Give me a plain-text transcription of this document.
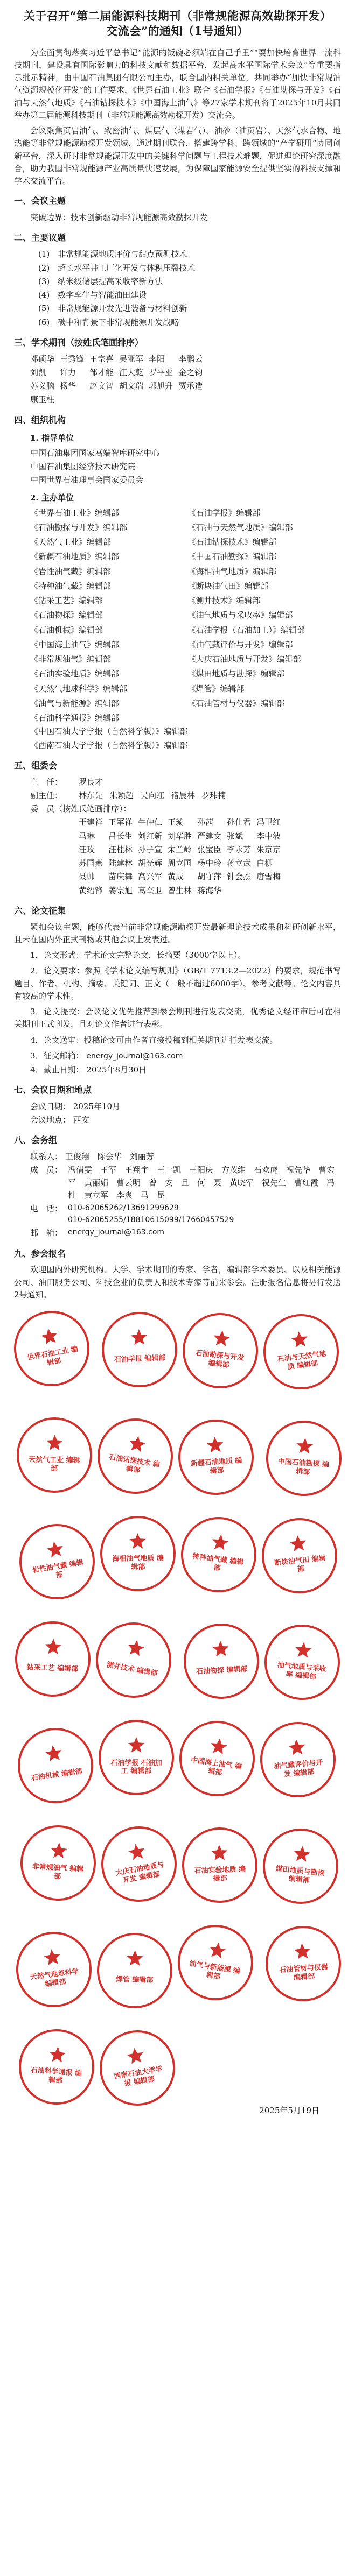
关于召开“第二届能源科技期刊（非常规能源高效勘探开发）交流会”的通知（1号通知）

为全面贯彻落实习近平总书记“能源的饭碗必须端在自己手里”“要加快培育世界一流科技期刊，建设具有国际影响力的科技文献和数据平台，发起高水平国际学术会议”等重要指示批示精神，由中国石油集团有限公司主办，联合国内相关单位，共同举办“加快非常规油气资源规模化开发”的工作要求，《世界石油工业》联合《石油学报》《石油勘探与开发》《石油与天然气地质》《石油钻探技术》《中国海上油气》等27家学术期刊将于2025年10月共同举办第二届能源科技期刊（非常规能源高效勘探开发）交流会。

会议聚焦页岩油气、致密油气、煤层气（煤岩气）、油砂（油页岩）、天然气水合物、地热能等非常规能源勘探开发领域，通过期刊联合，搭建跨学科、跨领域的“产学研用”协同创新平台，深入研讨非常规能源开发中的关键科学问题与工程技术难题，促进理论研究深度融合，助力我国非常规能源产业高质量快速发展，为保障国家能源安全提供坚实的科技支撑和学术交流平台。

一、会议主题
突破边界：技术创新驱动非常规能源高效勘探开发
二、主要议题
(1)　非常规能源地质评价与甜点预测技术
(2)　超长水平井工厂化开发与体积压裂技术
(3)　纳米级储层提高采收率新方法
(4)　数字孪生与智能油田建设
(5)　非常规能源开发先进装备与材料创新
(6)　碳中和背景下非常规能源开发战略
三、学术期刊（按姓氏笔画排序）
邓硕华 王秀锋 王宗喜 吴亚军 李阳	李鹏云
刘凯	许力	邹才能 汪大乾 罗平亚 金之钧
苏义脑 杨华	赵文智 胡文瑞 郭旭升 贾承造
康玉柱
四、组织机构
1. 指导单位
中国石油集团国家高端智库研究中心
中国石油集团经济技术研究院
中国世界石油理事会国家委员会
2. 主办单位
《世界石油工业》编辑部	《石油学报》编辑部
《石油勘探与开发》编辑部	《石油与天然气地质》编辑部
《天然气工业》编辑部	《石油钻探技术》编辑部
《新疆石油地质》编辑部	《中国石油勘探》编辑部
《岩性油气藏》编辑部	《海相油气地质》编辑部
《特种油气藏》编辑部	《断块油气田》编辑部
《钻采工艺》编辑部	《测井技术》编辑部
《石油物探》编辑部	《油气地质与采收率》编辑部
《石油机械》编辑部	《石油学报（石油加工）》编辑部
《中国海上油气》编辑部	《油气藏评价与开发》编辑部
《非常规油气》编辑部	《大庆石油地质与开发》编辑部
《石油实验地质》编辑部	《煤田地质与勘探》编辑部
《天然气地球科学》编辑部	《焊管》编辑部
《油气与新能源》编辑部	《石油管材与仪器》编辑部
《石油科学通报》编辑部
《中国石油大学学报（自然科学版）》编辑部
《西南石油大学学报（自然科学版）》编辑部
五、组委会
主　任：	罗良才
副主任：	林东先 朱颖超 吴向红 褚晨林 罗玮楠
委　员（按姓氏笔画排序）：
于建祥 王军祥 牛仲仁 王璇	孙茜	孙仕君 冯卫红
马琳	吕长生 刘红新 刘华胜 严建文 张斌	李中波
汪玫	汪桂林 孙子宣 宋兰岭 张宝臣 李永芳 朱京京
苏国燕 陆建林 胡光辉 周立国 杨中玲 蒋立武 白柳
聂帅	苗庆舞 高兴军 黄成	胡守萍 钟会杰 唐雪梅
黄绍锋 姜宗旭 葛奎卫 曾生林 蒋海华
六、论文征集

紧扣会议主题，能够代表当前非常规能源勘探开发最新理论技术成果和科研创新水平，且未在国内外正式刊物或其他会议上发表过。

1．论文形式：学术论文完整论文，长摘要（3000字以上）。

2．论文要求：参照《学术论文编写规则》（GB/T 7713.2—2022）的要求，规范书写题目、作者、机构、摘要、关键词、正文（一般不超过6000字）、参考文献等。论文内容具有较高的学术性。

3．论文提交：会议论文优先推荐到参会期刊进行发表交流，优秀论文经评审后可在相关期刊正式刊发，且对论文作者进行表彰。

4．论文送审：投稿论文可由作者直接投稿到相关期刊进行发表交流。

3．征文邮箱： energy_journal@163.com
4．截止日期： 2025年8月30日
七、会议日期和地点
会议日期： 2025年10月
会议地点： 西安
八、会务组
联系人： 王俊翔　陈会华　刘丽芳
成　员： 冯倩雯　王军　王翔宇　王一凯　王阳庆　方茂维　石欢虎　祝先华　曹宏平　黄丽娟　曹云明　曾　安　旦　何　聂　黄晓军　祝先生　曹红霞　冯　杜　黄立军　李爽　马　昆
电　话： 010-62065262/13691299629
010-62065255/18810615099/17660457529
邮　箱： energy_journal@163.com
九、参会报名

欢迎国内外研究机构、大学、学术期刊的专家、学者，编辑部学术委员、以及相关能源公司、油田服务公司、科技企业的负责人和技术专家等前来参会。注册报名信息将另行发送2号通知。

2025年5月19日
世界石油工业 编辑部	石油学报 编辑部	石油勘探与开发 编辑部
石油与天然气地质 编辑部
天然气工业 编辑部	石油钻探技术 编辑部
新疆石油地质 编辑部
中国石油勘探 编辑部
岩性油气藏 编辑部
海相油气地质 编辑部
特种油气藏 编辑部
断块油气田 编辑部
钻采工艺 编辑部	测井技术 编辑部	石油物探 编辑部	油气地质与采收率 编辑部
石油机械 编辑部
石油学报 石油加工 编辑部	中国海上油气 编辑部
油气藏评价与开发 编辑部
非常规油气 编辑部	大庆石油地质与开发 编辑部	石油实验地质 编辑部
煤田地质与勘探 编辑部
天然气地球科学 编辑部	焊管 编辑部
油气与新能源 编辑部
石油管材与仪器 编辑部
石油科学通报 编辑部	西南石油大学学报 编辑部
